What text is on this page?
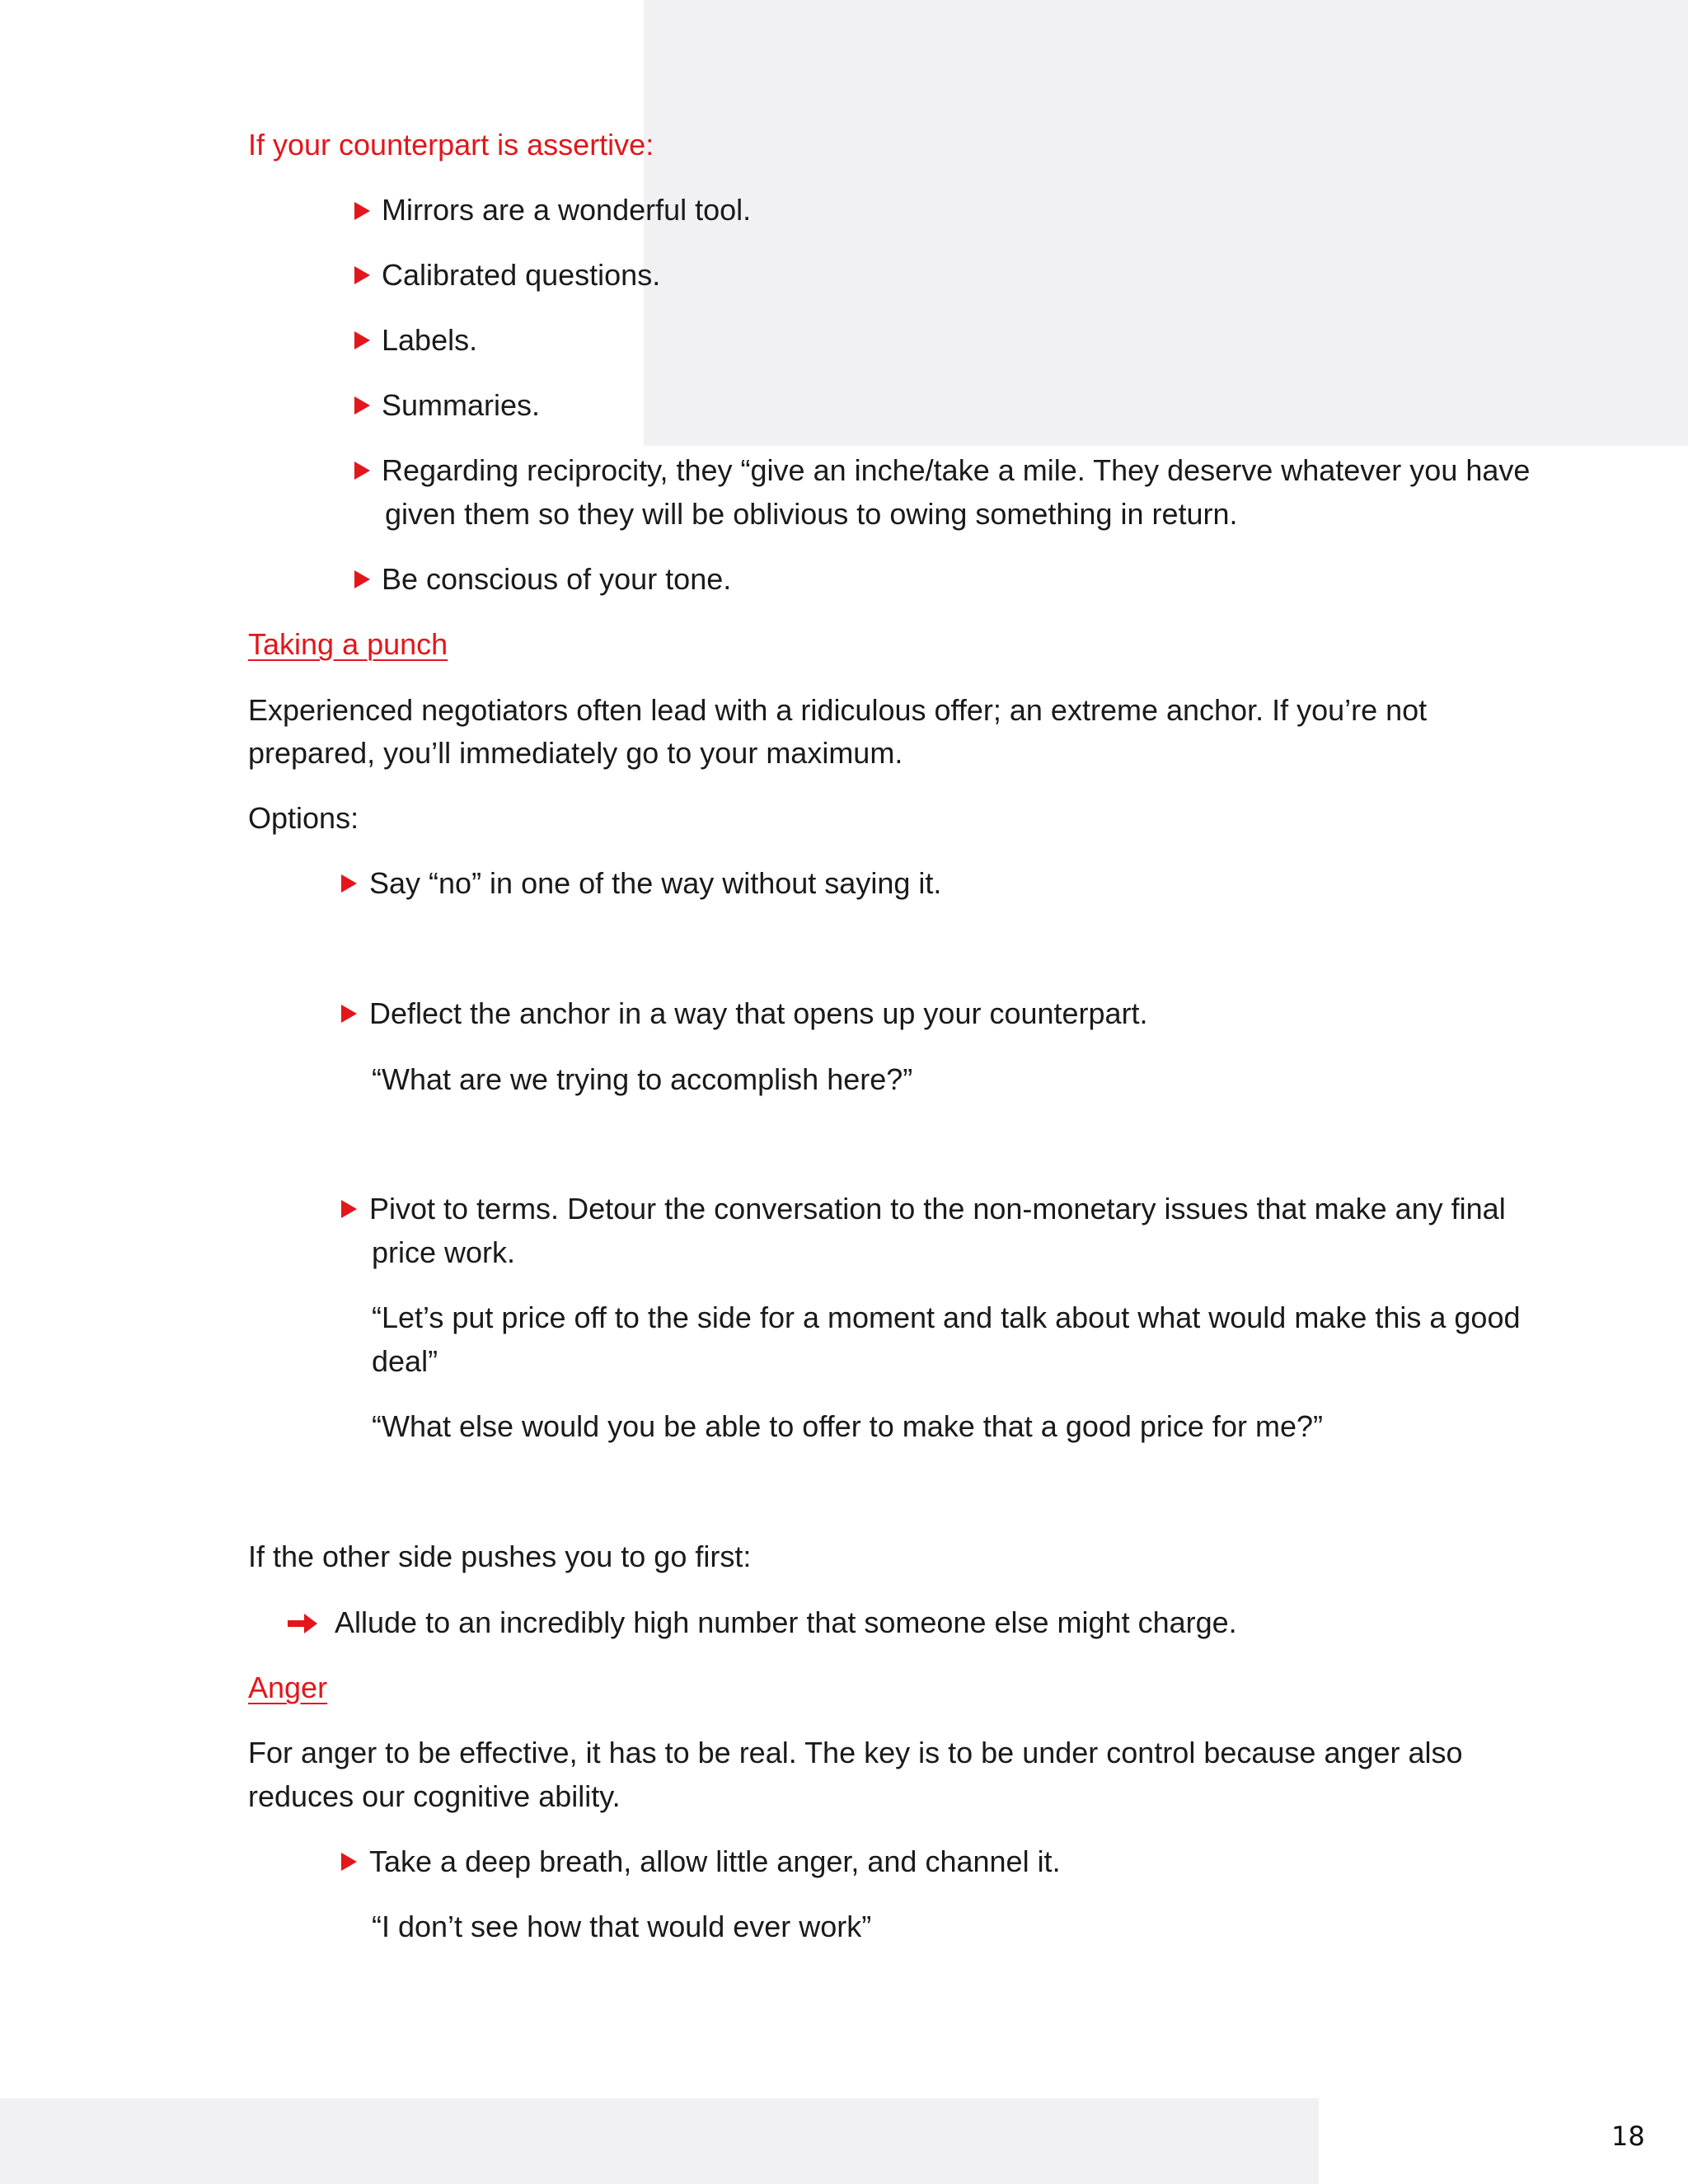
If your counterpart is assertive:
Mirrors are a wonderful tool.
Calibrated questions.
Labels.
Summaries.
Regarding reciprocity, they “give an inche/take a mile. They deserve whatever you have
given them so they will be oblivious to owing something in return.
Be conscious of your tone.
Taking a punch
Experienced negotiators often lead with a ridiculous offer; an extreme anchor. If you’re not
prepared, you’ll immediately go to your maximum.
Options:
Say “no” in one of the way without saying it.
Deflect the anchor in a way that opens up your counterpart.
“What are we trying to accomplish here?”
Pivot to terms. Detour the conversation to the non-monetary issues that make any final
price work.
“Let’s put price off to the side for a moment and talk about what would make this a good
deal”
“What else would you be able to offer to make that a good price for me?”
If the other side pushes you to go first:
Allude to an incredibly high number that someone else might charge.
Anger
For anger to be effective, it has to be real. The key is to be under control because anger also
reduces our cognitive ability.
Take a deep breath, allow little anger, and channel it.
“I don’t see how that would ever work”
18
